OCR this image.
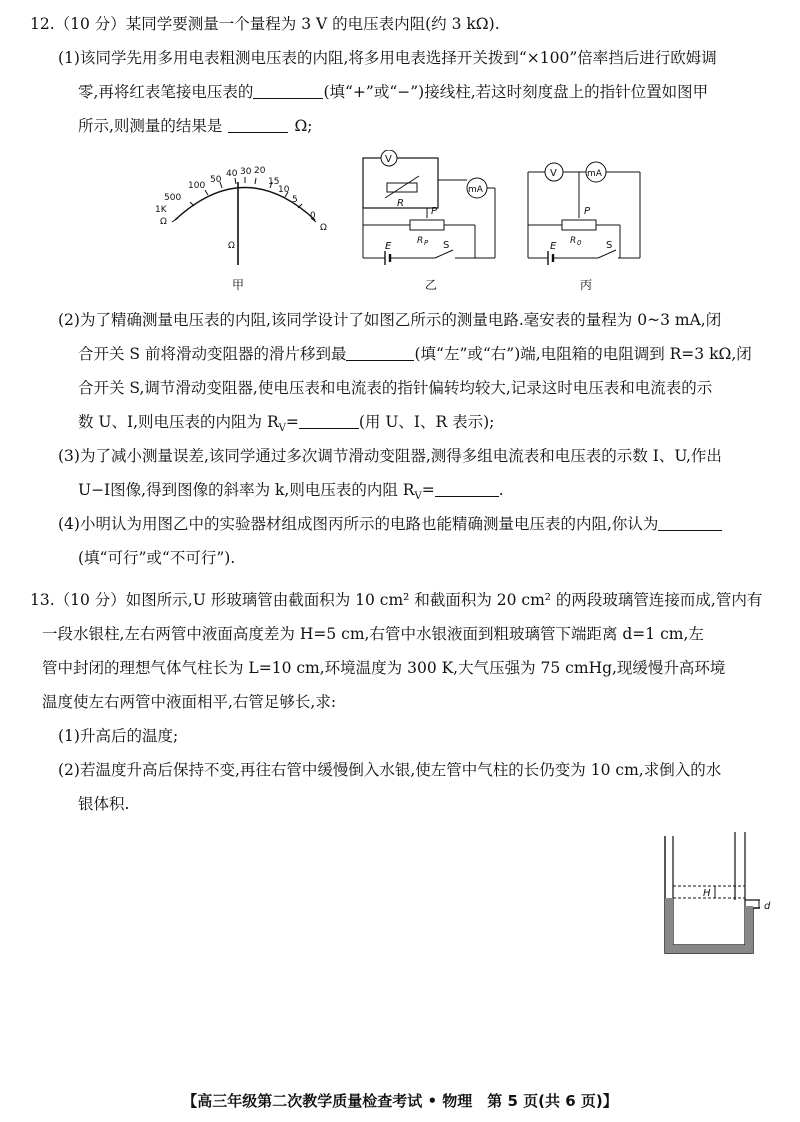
12.（10 分）某同学要测量一个量程为 3 V 的电压表内阻(约 3 kΩ).
(1)该同学先用多用电表粗测电压表的内阻,将多用电表选择开关拨到“×100”倍率挡后进行欧姆调
零,再将红表笔接电压表的	(填“+”或“−”)接线柱,若这时刻度盘上的指针位置如图甲
所示,则测量的结果是	Ω;
1K
500
100
50
40 30 20
15
10
5
0
Ω
Ω
Ω
甲
V
R
mA
P
R P
E	S
乙
V	mA
P
R 0
E	S
丙
(2)为了精确测量电压表的内阻,该同学设计了如图乙所示的测量电路.毫安表的量程为 0~3 mA,闭
合开关 S 前将滑动变阻器的滑片移到最	(填“左”或“右”)端,电阻箱的电阻调到 R=3 kΩ,闭
合开关 S,调节滑动变阻器,使电压表和电流表的指针偏转均较大,记录这时电压表和电流表的示
数 U、I,则电压表的内阻为 $R_V=$	(用 U、I、R 表示);
(3)为了减小测量误差,该同学通过多次调节滑动变阻器,测得多组电流表和电压表的示数 I、U,作出
U−I图像,得到图像的斜率为 k,则电压表的内阻 $R_V=$	.
(4)小明认为用图乙中的实验器材组成图丙所示的电路也能精确测量电压表的内阻,你认为
(填“可行”或“不可行”).
13.（10 分）如图所示,U 形玻璃管由截面积为 10 cm² 和截面积为 20 cm² 的两段玻璃管连接而成,管内有
一段水银柱,左右两管中液面高度差为 H=5 cm,右管中水银液面到粗玻璃管下端距离 d=1 cm,左
管中封闭的理想气体气柱长为 L=10 cm,环境温度为 300 K,大气压强为 75 cmHg,现缓慢升高环境
温度使左右两管中液面相平,右管足够长,求:
(1)升高后的温度;
(2)若温度升高后保持不变,再往右管中缓慢倒入水银,使左管中气柱的长仍变为 10 cm,求倒入的水
银体积.
H
d
【高三年级第二次教学质量检查考试 • 物理　第 5 页(共 6 页)】
